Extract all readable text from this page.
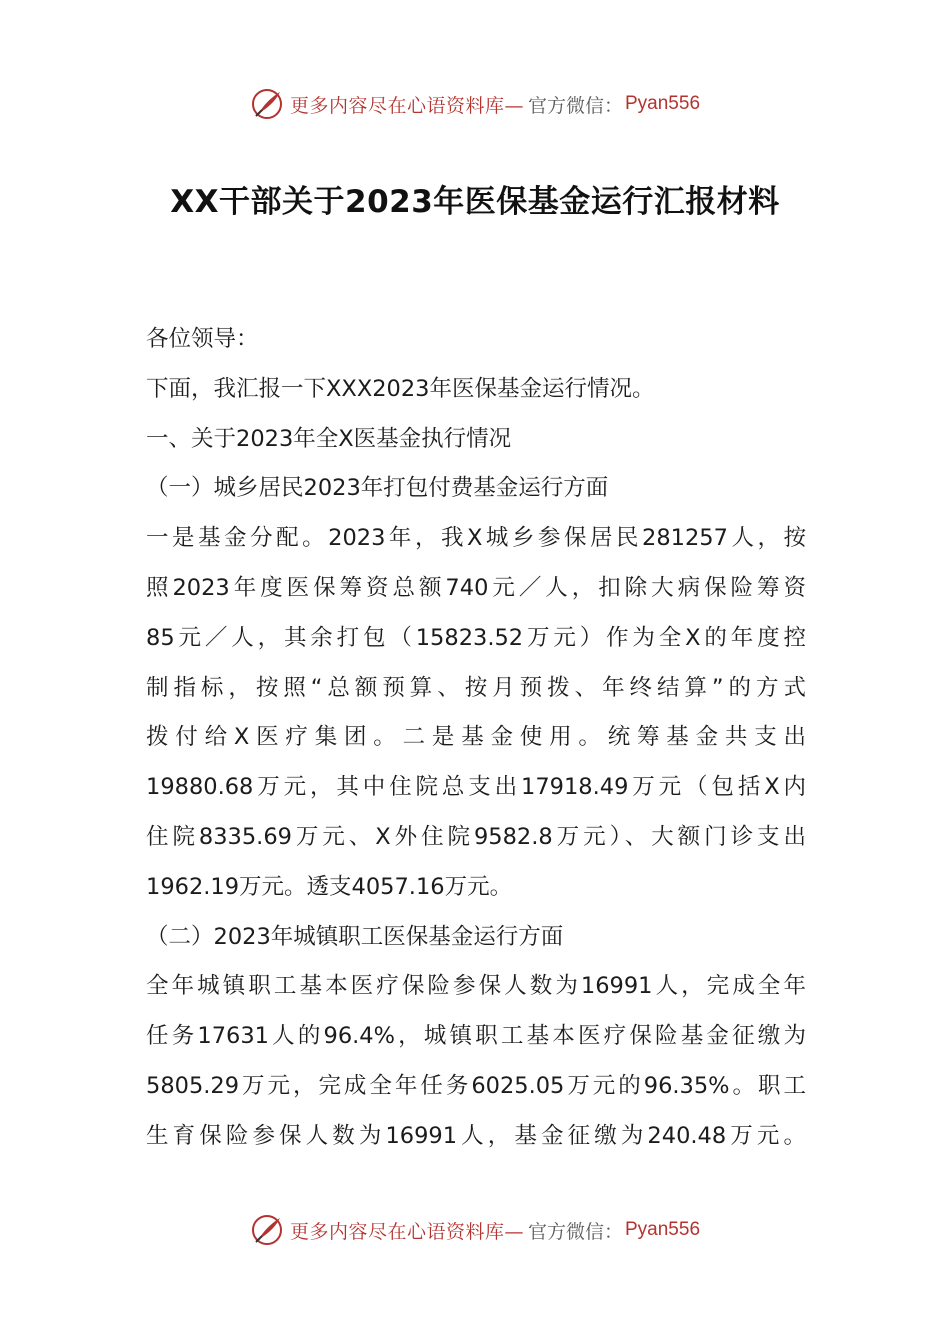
更多内容尽在心语资料库— 官方微信： Pyan556
XX干部关于2023年医保基金运行汇报材料
各位领导：
下面，我汇报一下XXX2023年医保基金运行情况。
一、关于2023年全X医基金执行情况
（一）城乡居民2023年打包付费基金运行方面
一是基金分配。2023年，我X城乡参保居民281257人，按
照2023年度医保筹资总额740元／人，扣除大病保险筹资
85元／人，其余打包（15823.52万元）作为全X的年度控
制指标，按照“总额预算、按月预拨、年终结算”的方式
拨付给X医疗集团。二是基金使用。统筹基金共支出
19880.68万元，其中住院总支出17918.49万元（包括X内
住院8335.69万元、X外住院9582.8万元）、大额门诊支出
1962.19万元。透支4057.16万元。
（二）2023年城镇职工医保基金运行方面
全年城镇职工基本医疗保险参保人数为16991人，完成全年
任务17631人的96.4%，城镇职工基本医疗保险基金征缴为
5805.29万元，完成全年任务6025.05万元的96.35%。职工
生育保险参保人数为16991人，基金征缴为240.48万元。
更多内容尽在心语资料库— 官方微信： Pyan556
